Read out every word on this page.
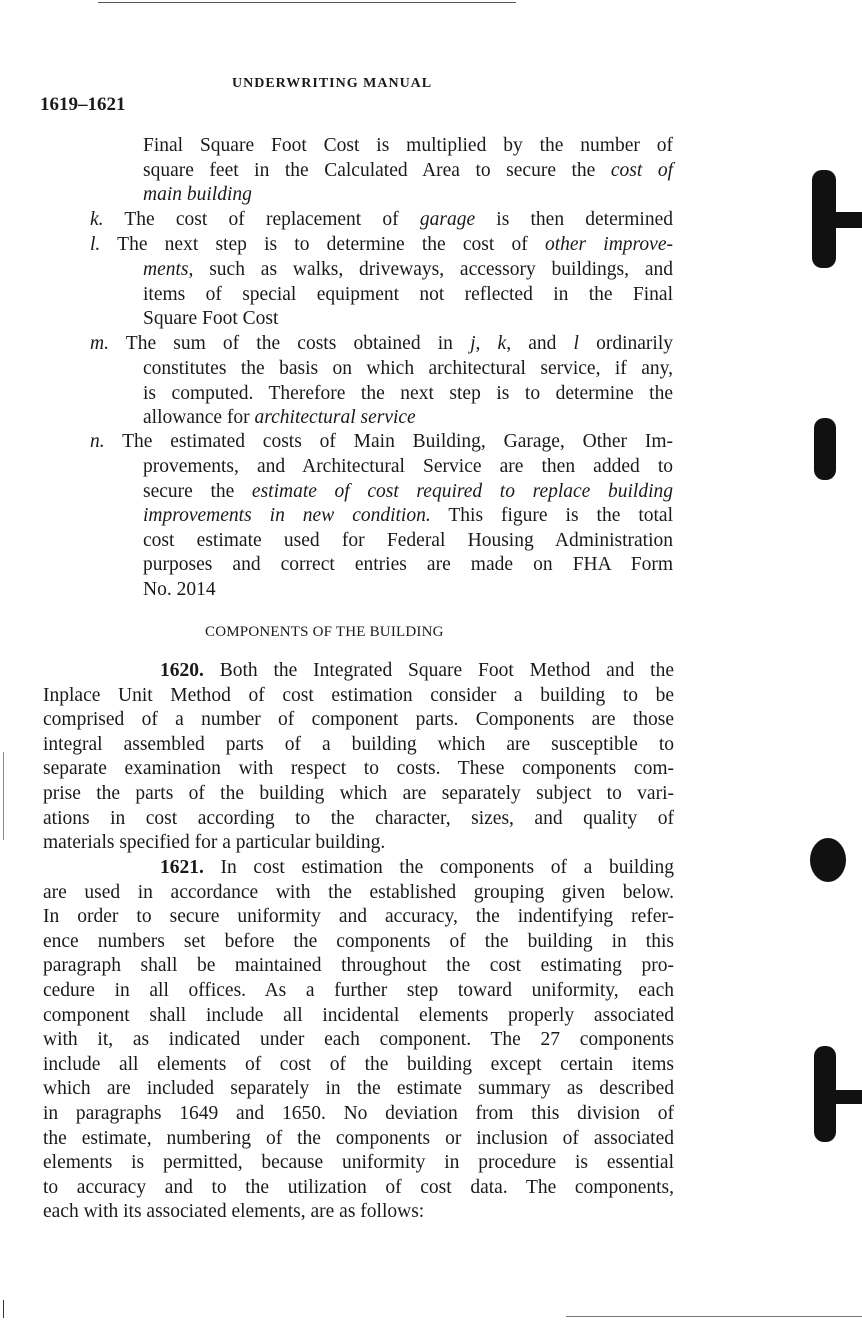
UNDERWRITING MANUAL
1619–1621
Final Square Foot Cost is multiplied by the number of
square feet in the Calculated Area to secure the cost of
main building
k. The cost of replacement of garage is then determined
l. The next step is to determine the cost of other improve-
ments, such as walks, driveways, accessory buildings, and
items of special equipment not reflected in the Final
Square Foot Cost
m. The sum of the costs obtained in j, k, and l ordinarily
constitutes the basis on which architectural service, if any,
is computed. Therefore the next step is to determine the
allowance for architectural service
n. The estimated costs of Main Building, Garage, Other Im-
provements, and Architectural Service are then added to
secure the estimate of cost required to replace building
improvements in new condition. This figure is the total
cost estimate used for Federal Housing Administration
purposes and correct entries are made on FHA Form
No. 2014
COMPONENTS OF THE BUILDING
1620. Both the Integrated Square Foot Method and the
Inplace Unit Method of cost estimation consider a building to be
comprised of a number of component parts. Components are those
integral assembled parts of a building which are susceptible to
separate examination with respect to costs. These components com-
prise the parts of the building which are separately subject to vari-
ations in cost according to the character, sizes, and quality of
materials specified for a particular building.
1621. In cost estimation the components of a building
are used in accordance with the established grouping given below.
In order to secure uniformity and accuracy, the indentifying refer-
ence numbers set before the components of the building in this
paragraph shall be maintained throughout the cost estimating pro-
cedure in all offices. As a further step toward uniformity, each
component shall include all incidental elements properly associated
with it, as indicated under each component. The 27 components
include all elements of cost of the building except certain items
which are included separately in the estimate summary as described
in paragraphs 1649 and 1650. No deviation from this division of
the estimate, numbering of the components or inclusion of associated
elements is permitted, because uniformity in procedure is essential
to accuracy and to the utilization of cost data. The components,
each with its associated elements, are as follows:
